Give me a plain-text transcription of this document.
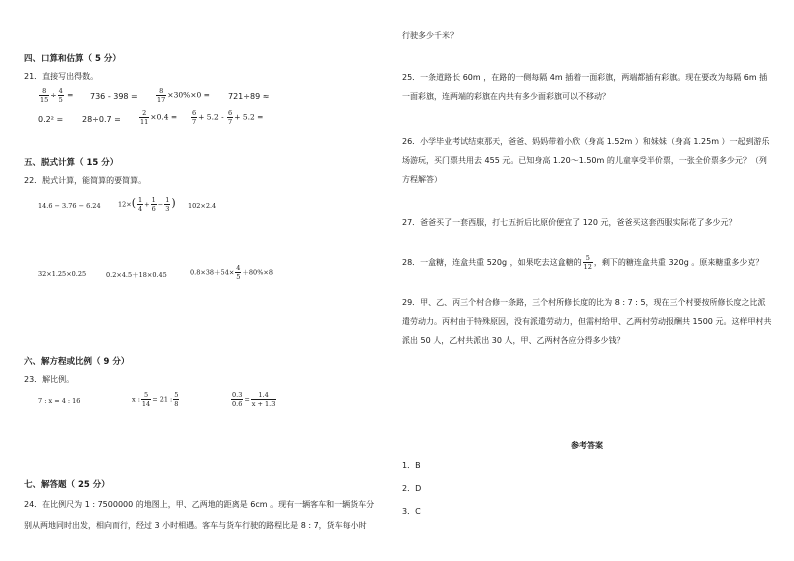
四、口算和估算（ 5 分）
21．直接写出得数。
$\frac{8}{15} \div \frac{4}{5} = 736 - 398$ =	$\frac{8}{17} \times 30\%\times 0 = 721\div 89$ ≈
0.2² = 28÷0.7 =	$\frac{2}{11} \times 0.4 = \frac{6}{7} + 5.2 - \frac{6}{7} + 5.2$ =
五、脱式计算（ 15 分）
22．脱式计算，能简算的要简算。
14.6 − 3.76 − 6.24	$12\times( \frac{1}{4} + \frac{1}{6} - \frac{1}{3}$ ) 102×2.4
32×1.25×0.25	0.2×4.5＋18×0.45	$0.8\times 38+54\times \frac{4}{5} +80\%\times 8$
六、解方程或比例（ 9 分）
23．解比例。
7 : x = 4 : 16	x : $\frac{5}{14} = 21$ : $\frac{5}{8}$	$\frac{0.3}{0.6} = \frac{1.4}{x + 1.3}$
七、解答题（ 25 分）
24．在比例尺为 1 : 7500000 的地图上，甲、乙两地的距离是 6cm 。现有一辆客车和一辆货车分
别从两地同时出发，相向而行，经过 3 小时相遇。客车与货车行驶的路程比是 8 : 7，货车每小时
行驶多少千米？
25．一条道路长 60m ，在路的一侧每隔 4m 插着一面彩旗，两端都插有彩旗。现在要改为每隔 6m 插一面彩旗，连两端的彩旗在内共有多少面彩旗可以不移动？
26．小学毕业考试结束那天，爸爸、妈妈带着小欣（身高 1.52m ）和妹妹（身高 1.25m ）一起到游乐场游玩，买门票共用去 455 元。已知身高 1.20～1.50m 的儿童享受半价票，一张全价票多少元？（列方程解答）
27．爸爸买了一套西服，打七五折后比原价便宜了 120 元，爸爸买这套西服实际花了多少元？
28．一盒糖，连盒共重 520g ，如果吃去这盒糖的 $\frac{5}{12}$ ，剩下的糖连盒共重 320g 。原来糖重多少克？
29．甲、乙、丙三个村合修一条路，三个村所修长度的比为 8 : 7 : 5，现在三个村要按所修长度之比派遣劳动力。丙村由于特殊原因，没有派遣劳动力，但需村给甲、乙两村劳动报酬共 1500 元。这样甲村共派出 50 人，乙村共派出 30 人，甲、乙两村各应分得多少钱？
参考答案
1．B
2．D
3．C
